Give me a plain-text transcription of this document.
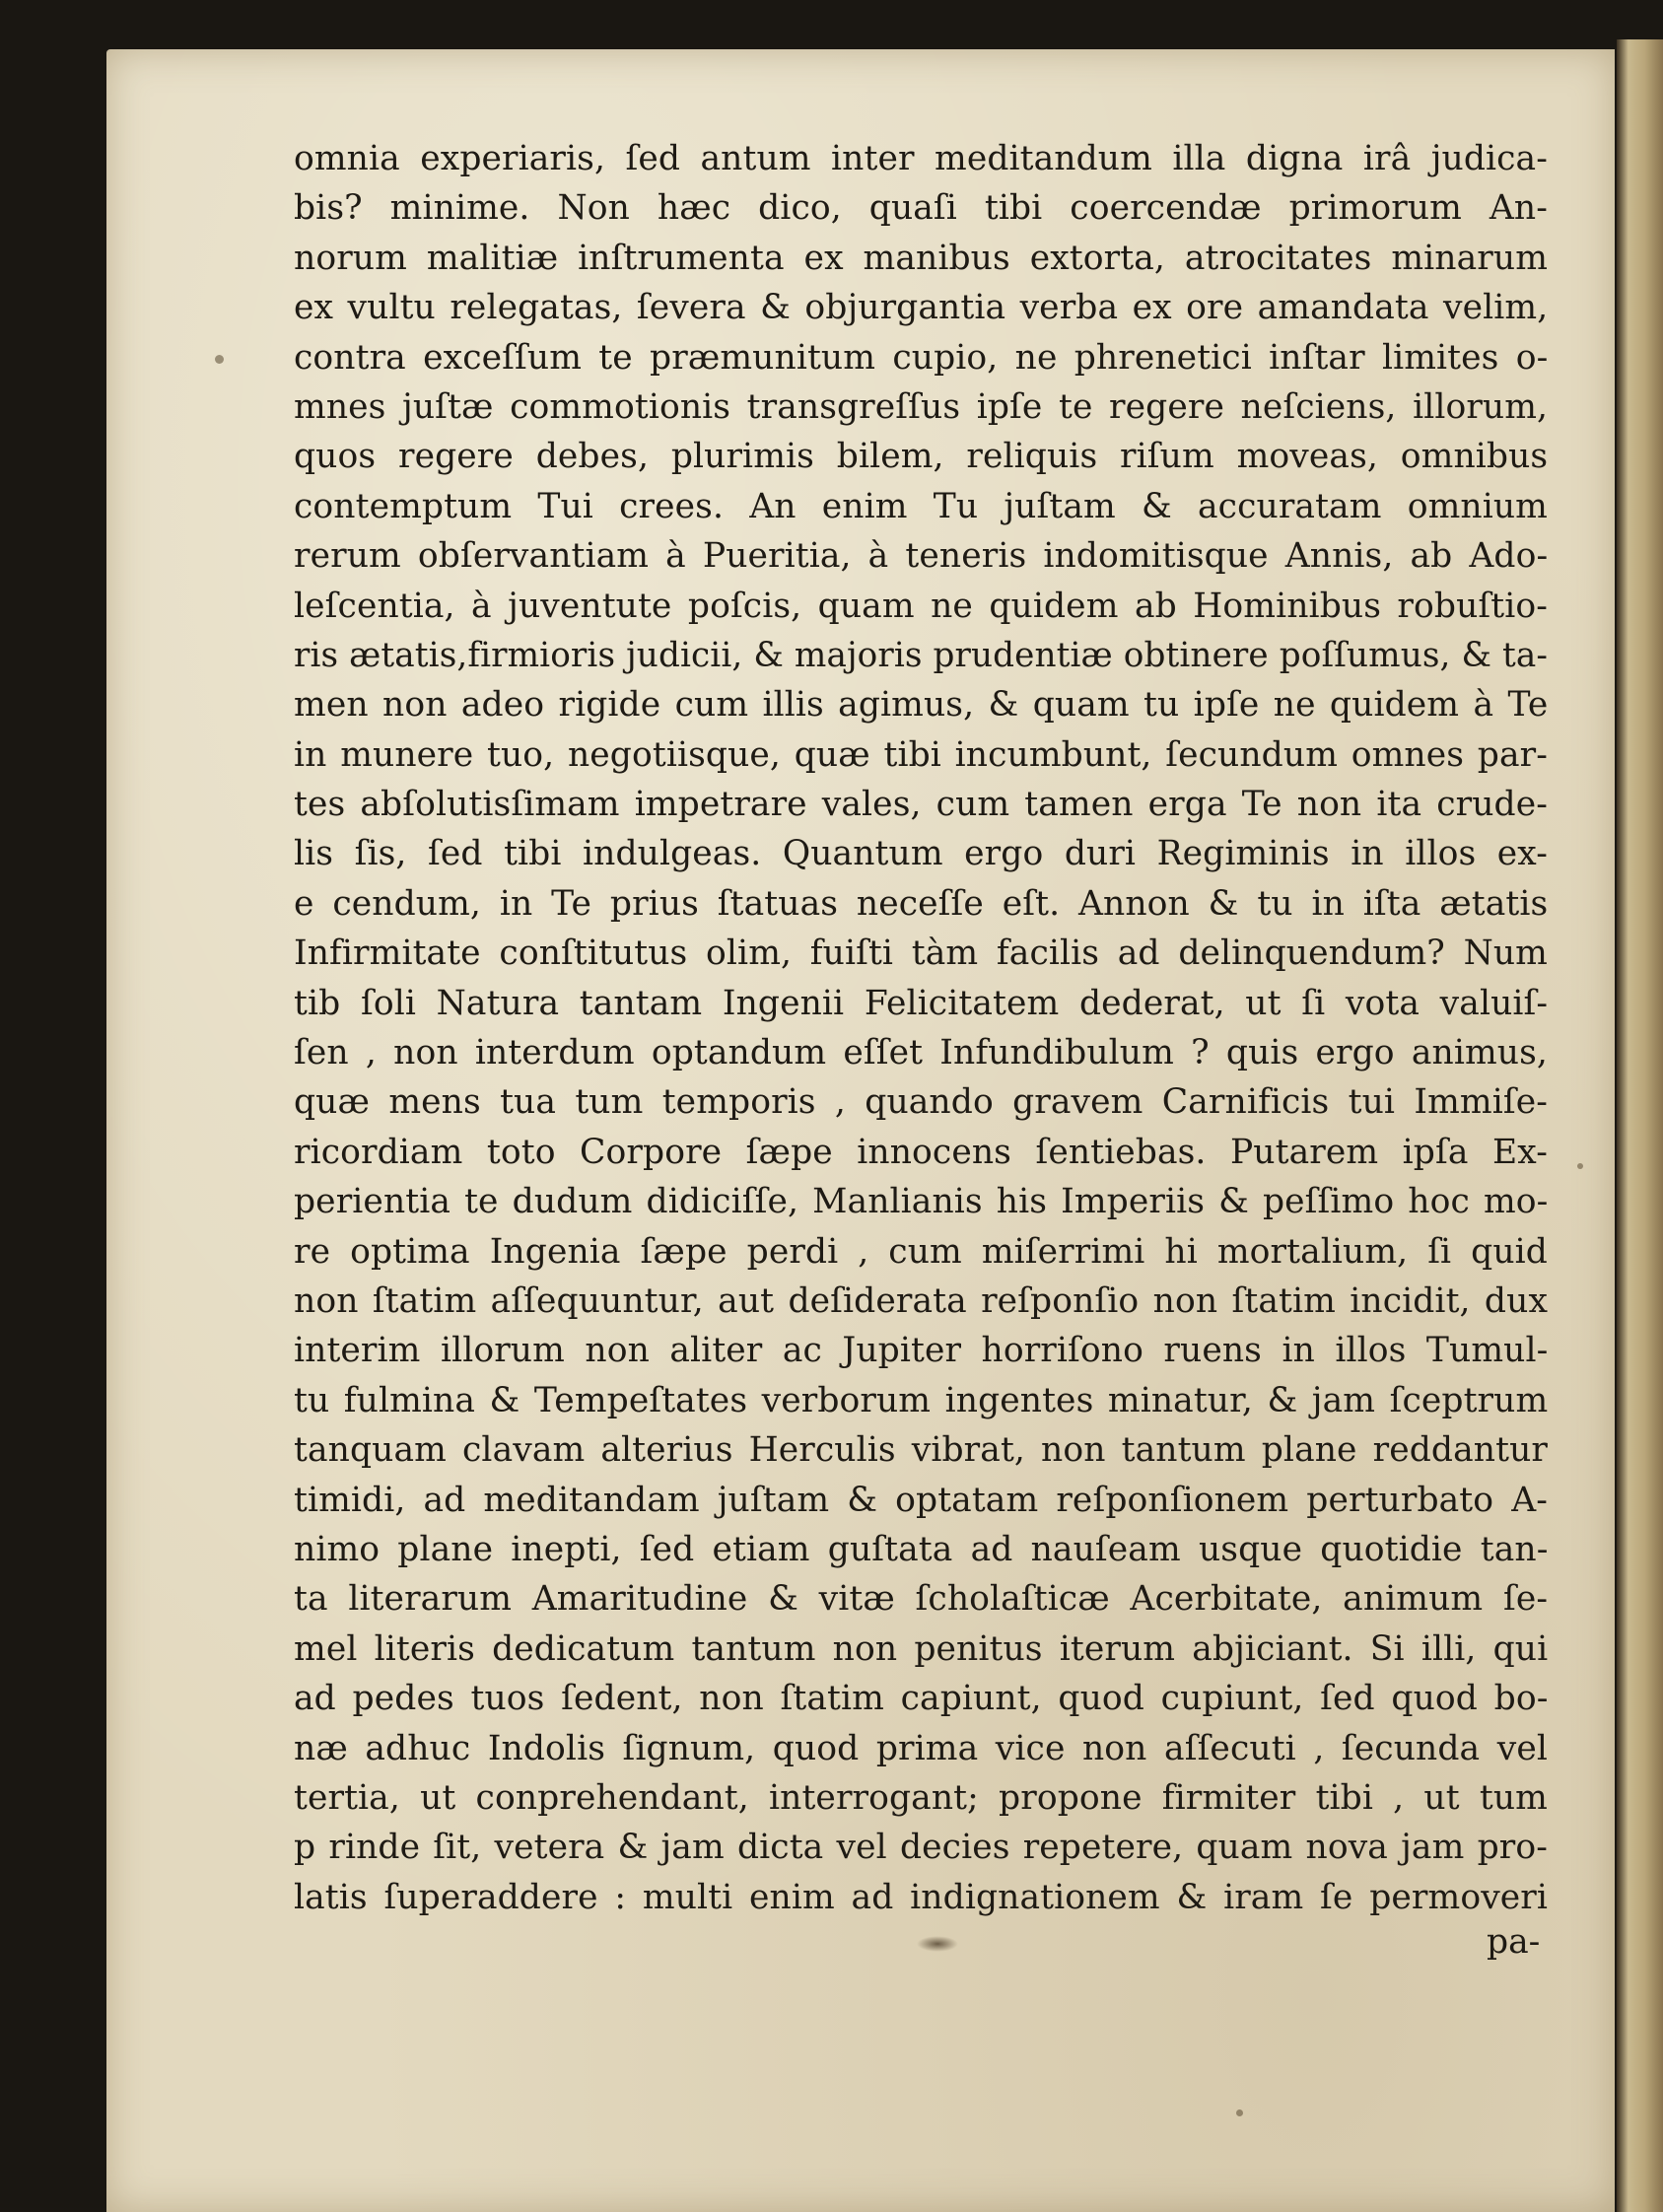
omnia experiaris, ſed antum inter meditandum illa digna irâ judica-
bis? minime. Non hæc dico, quaſi tibi coercendæ primorum An-
norum malitiæ inſtrumenta ex manibus extorta, atrocitates minarum
ex vultu relegatas, ſevera & objurgantia verba ex ore amandata velim,
contra exceſſum te præmunitum cupio, ne phrenetici inſtar limites o-
mnes juſtæ commotionis transgreſſus ipſe te regere neſciens, illorum,
quos regere debes, plurimis bilem, reliquis riſum moveas, omnibus
contemptum Tui crees. An enim Tu juſtam & accuratam omnium
rerum obſervantiam à Pueritia, à teneris indomitisque Annis, ab Ado-
leſcentia, à juventute poſcis, quam ne quidem ab Hominibus robuſtio-
ris ætatis,firmioris judicii, & majoris prudentiæ obtinere poſſumus, & ta-
men non adeo rigide cum illis agimus, & quam tu ipſe ne quidem à Te
in munere tuo, negotiisque, quæ tibi incumbunt, ſecundum omnes par-
tes abſolutisſimam impetrare vales, cum tamen erga Te non ita crude-
lis ſis, ſed tibi indulgeas. Quantum ergo duri Regiminis in illos ex-
e cendum, in Te prius ſtatuas neceſſe eſt. Annon & tu in iſta ætatis
Infirmitate conſtitutus olim, fuiſti tàm facilis ad delinquendum? Num
tib ſoli Natura tantam Ingenii Felicitatem dederat, ut ſi vota valuiſ-
ſen , non interdum optandum eſſet Infundibulum ? quis ergo animus,
quæ mens tua tum temporis , quando gravem Carnificis tui Immiſe-
ricordiam toto Corpore ſæpe innocens ſentiebas. Putarem ipſa Ex-
perientia te dudum didiciſſe, Manlianis his Imperiis & peſſimo hoc mo-
re optima Ingenia ſæpe perdi , cum miſerrimi hi mortalium, ſi quid
non ſtatim aſſequuntur, aut deſiderata reſponſio non ſtatim incidit, dux
interim illorum non aliter ac Jupiter horriſono ruens in illos Tumul-
tu fulmina & Tempeſtates verborum ingentes minatur, & jam ſceptrum
tanquam clavam alterius Herculis vibrat, non tantum plane reddantur
timidi, ad meditandam juſtam & optatam reſponſionem perturbato A-
nimo plane inepti, ſed etiam guſtata ad nauſeam usque quotidie tan-
ta literarum Amaritudine & vitæ ſcholaſticæ Acerbitate, animum ſe-
mel literis dedicatum tantum non penitus iterum abjiciant. Si illi, qui
ad pedes tuos ſedent, non ſtatim capiunt, quod cupiunt, ſed quod bo-
næ adhuc Indolis ſignum, quod prima vice non aſſecuti , ſecunda vel
tertia, ut conprehendant, interrogant; propone firmiter tibi , ut tum
p rinde ſit, vetera & jam dicta vel decies repetere, quam nova jam pro-
latis ſuperaddere : multi enim ad indignationem & iram ſe permoveri
pa-
